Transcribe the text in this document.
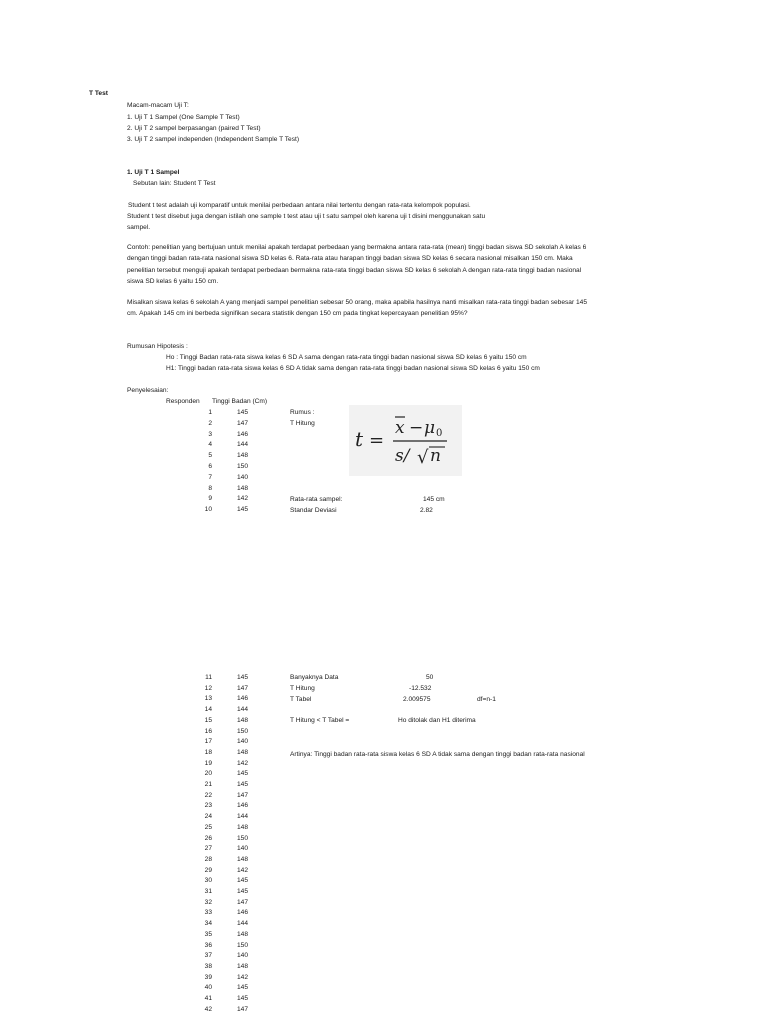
T Test
Macam-macam Uji T:
1. Uji T 1 Sampel (One Sample T Test)
2. Uji T 2 sampel berpasangan (paired T Test)
3. Uji T 2 sampel independen (Independent Sample T Test)
1. Uji T 1 Sampel
Sebutan lain: Student T Test
Student t test adalah uji komparatif untuk menilai perbedaan antara nilai tertentu dengan rata-rata kelompok populasi.
Student t test disebut juga dengan istilah one sample t test atau uji t satu sampel oleh karena uji t disini menggunakan satu
sampel.
Contoh: penelitian yang bertujuan untuk menilai apakah terdapat perbedaan yang bermakna antara rata-rata (mean) tinggi badan siswa SD sekolah A kelas 6
dengan tinggi badan rata-rata nasional siswa SD kelas 6. Rata-rata atau harapan tinggi badan siswa SD kelas 6 secara nasional misalkan 150 cm. Maka
penelitian tersebut menguji apakah terdapat perbedaan bermakna rata-rata tinggi badan siswa SD kelas 6 sekolah A dengan rata-rata tinggi badan nasional
siswa SD kelas 6 yaitu 150 cm.
Misalkan siswa kelas 6 sekolah A yang menjadi sampel penelitian sebesar 50 orang, maka apabila hasilnya nanti misalkan rata-rata tinggi badan sebesar 145
cm. Apakah 145 cm ini berbeda signifikan secara statistik dengan 150 cm pada tingkat kepercayaan penelitian 95%?
Rumusan Hipotesis :
Ho : Tinggi Badan rata-rata siswa kelas 6 SD A sama dengan rata-rata tinggi badan nasional siswa SD kelas 6 yaitu 150 cm
H1: Tinggi badan rata-rata siswa kelas 6 SD A tidak sama dengan rata-rata tinggi badan nasional siswa SD kelas 6 yaitu 150 cm
Penyelesaian:
Responden Tinggi Badan (Cm)
1	145
2	147
3	146
4	144
5	148
6	150
7	140
8	148
9	142
10	145
Rumus :
T Hitung
t =
x − μ 0
s/ √ n
Rata-rata sampel:	145 cm
Standar Deviasi	2.82
Banyaknya Data	50
T Hitung	-12.532
T Tabel	2.009575	df=n-1
T Hitung < T Tabel =	Ho ditolak dan H1 diterima
Artinya: Tinggi badan rata-rata siswa kelas 6 SD A tidak sama dengan tinggi badan rata-rata nasional
11	145
12	147
13	146
14	144
15	148
16	150
17	140
18	148
19	142
20	145
21	145
22	147
23	146
24	144
25	148
26	150
27	140
28	148
29	142
30	145
31	145
32	147
33	146
34	144
35	148
36	150
37	140
38	148
39	142
40	145
41	145
42	147
